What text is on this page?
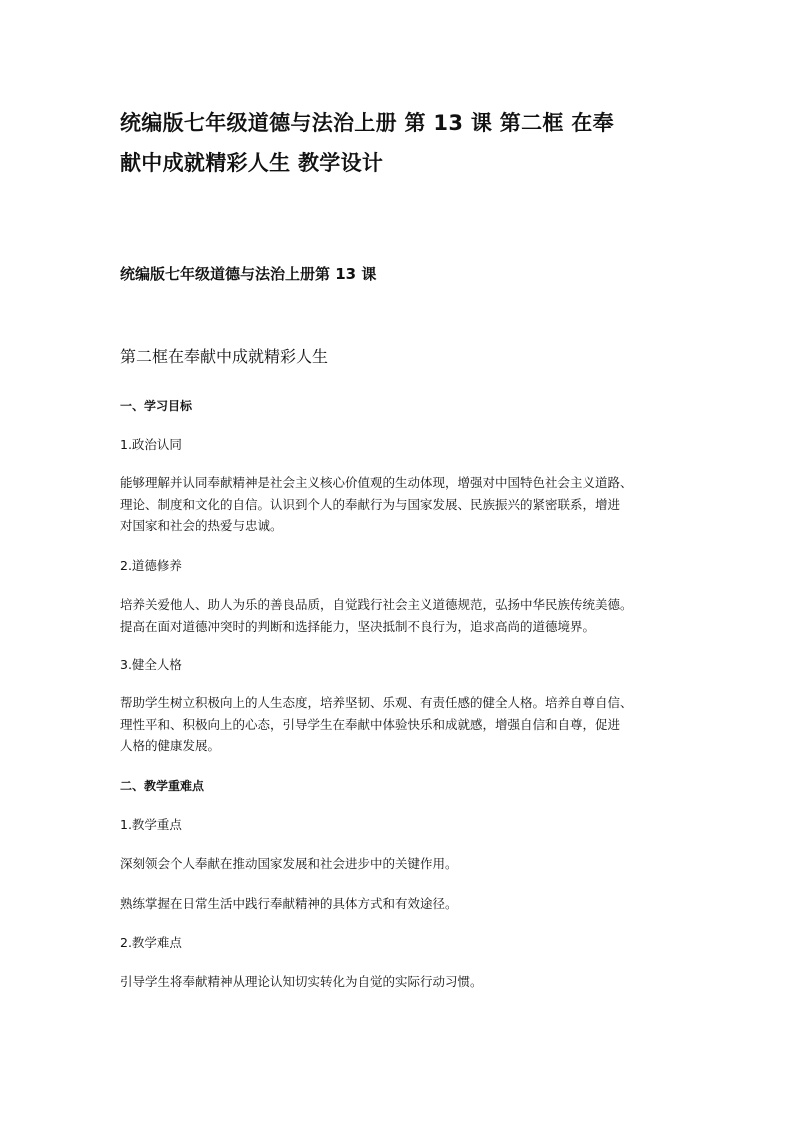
统编版七年级道德与法治上册 第 13 课 第二框 在奉
献中成就精彩人生 教学设计

统编版七年级道德与法治上册第 13 课

第二框在奉献中成就精彩人生

一、学习目标

1.政治认同

能够理解并认同奉献精神是社会主义核心价值观的生动体现，增强对中国特色社会主义道路、
理论、制度和文化的自信。认识到个人的奉献行为与国家发展、民族振兴的紧密联系，增进
对国家和社会的热爱与忠诚。

2.道德修养

培养关爱他人、助人为乐的善良品质，自觉践行社会主义道德规范，弘扬中华民族传统美德。
提高在面对道德冲突时的判断和选择能力，坚决抵制不良行为，追求高尚的道德境界。

3.健全人格

帮助学生树立积极向上的人生态度，培养坚韧、乐观、有责任感的健全人格。培养自尊自信、
理性平和、积极向上的心态，引导学生在奉献中体验快乐和成就感，增强自信和自尊，促进
人格的健康发展。

二、教学重难点

1.教学重点

深刻领会个人奉献在推动国家发展和社会进步中的关键作用。

熟练掌握在日常生活中践行奉献精神的具体方式和有效途径。

2.教学难点

引导学生将奉献精神从理论认知切实转化为自觉的实际行动习惯。
